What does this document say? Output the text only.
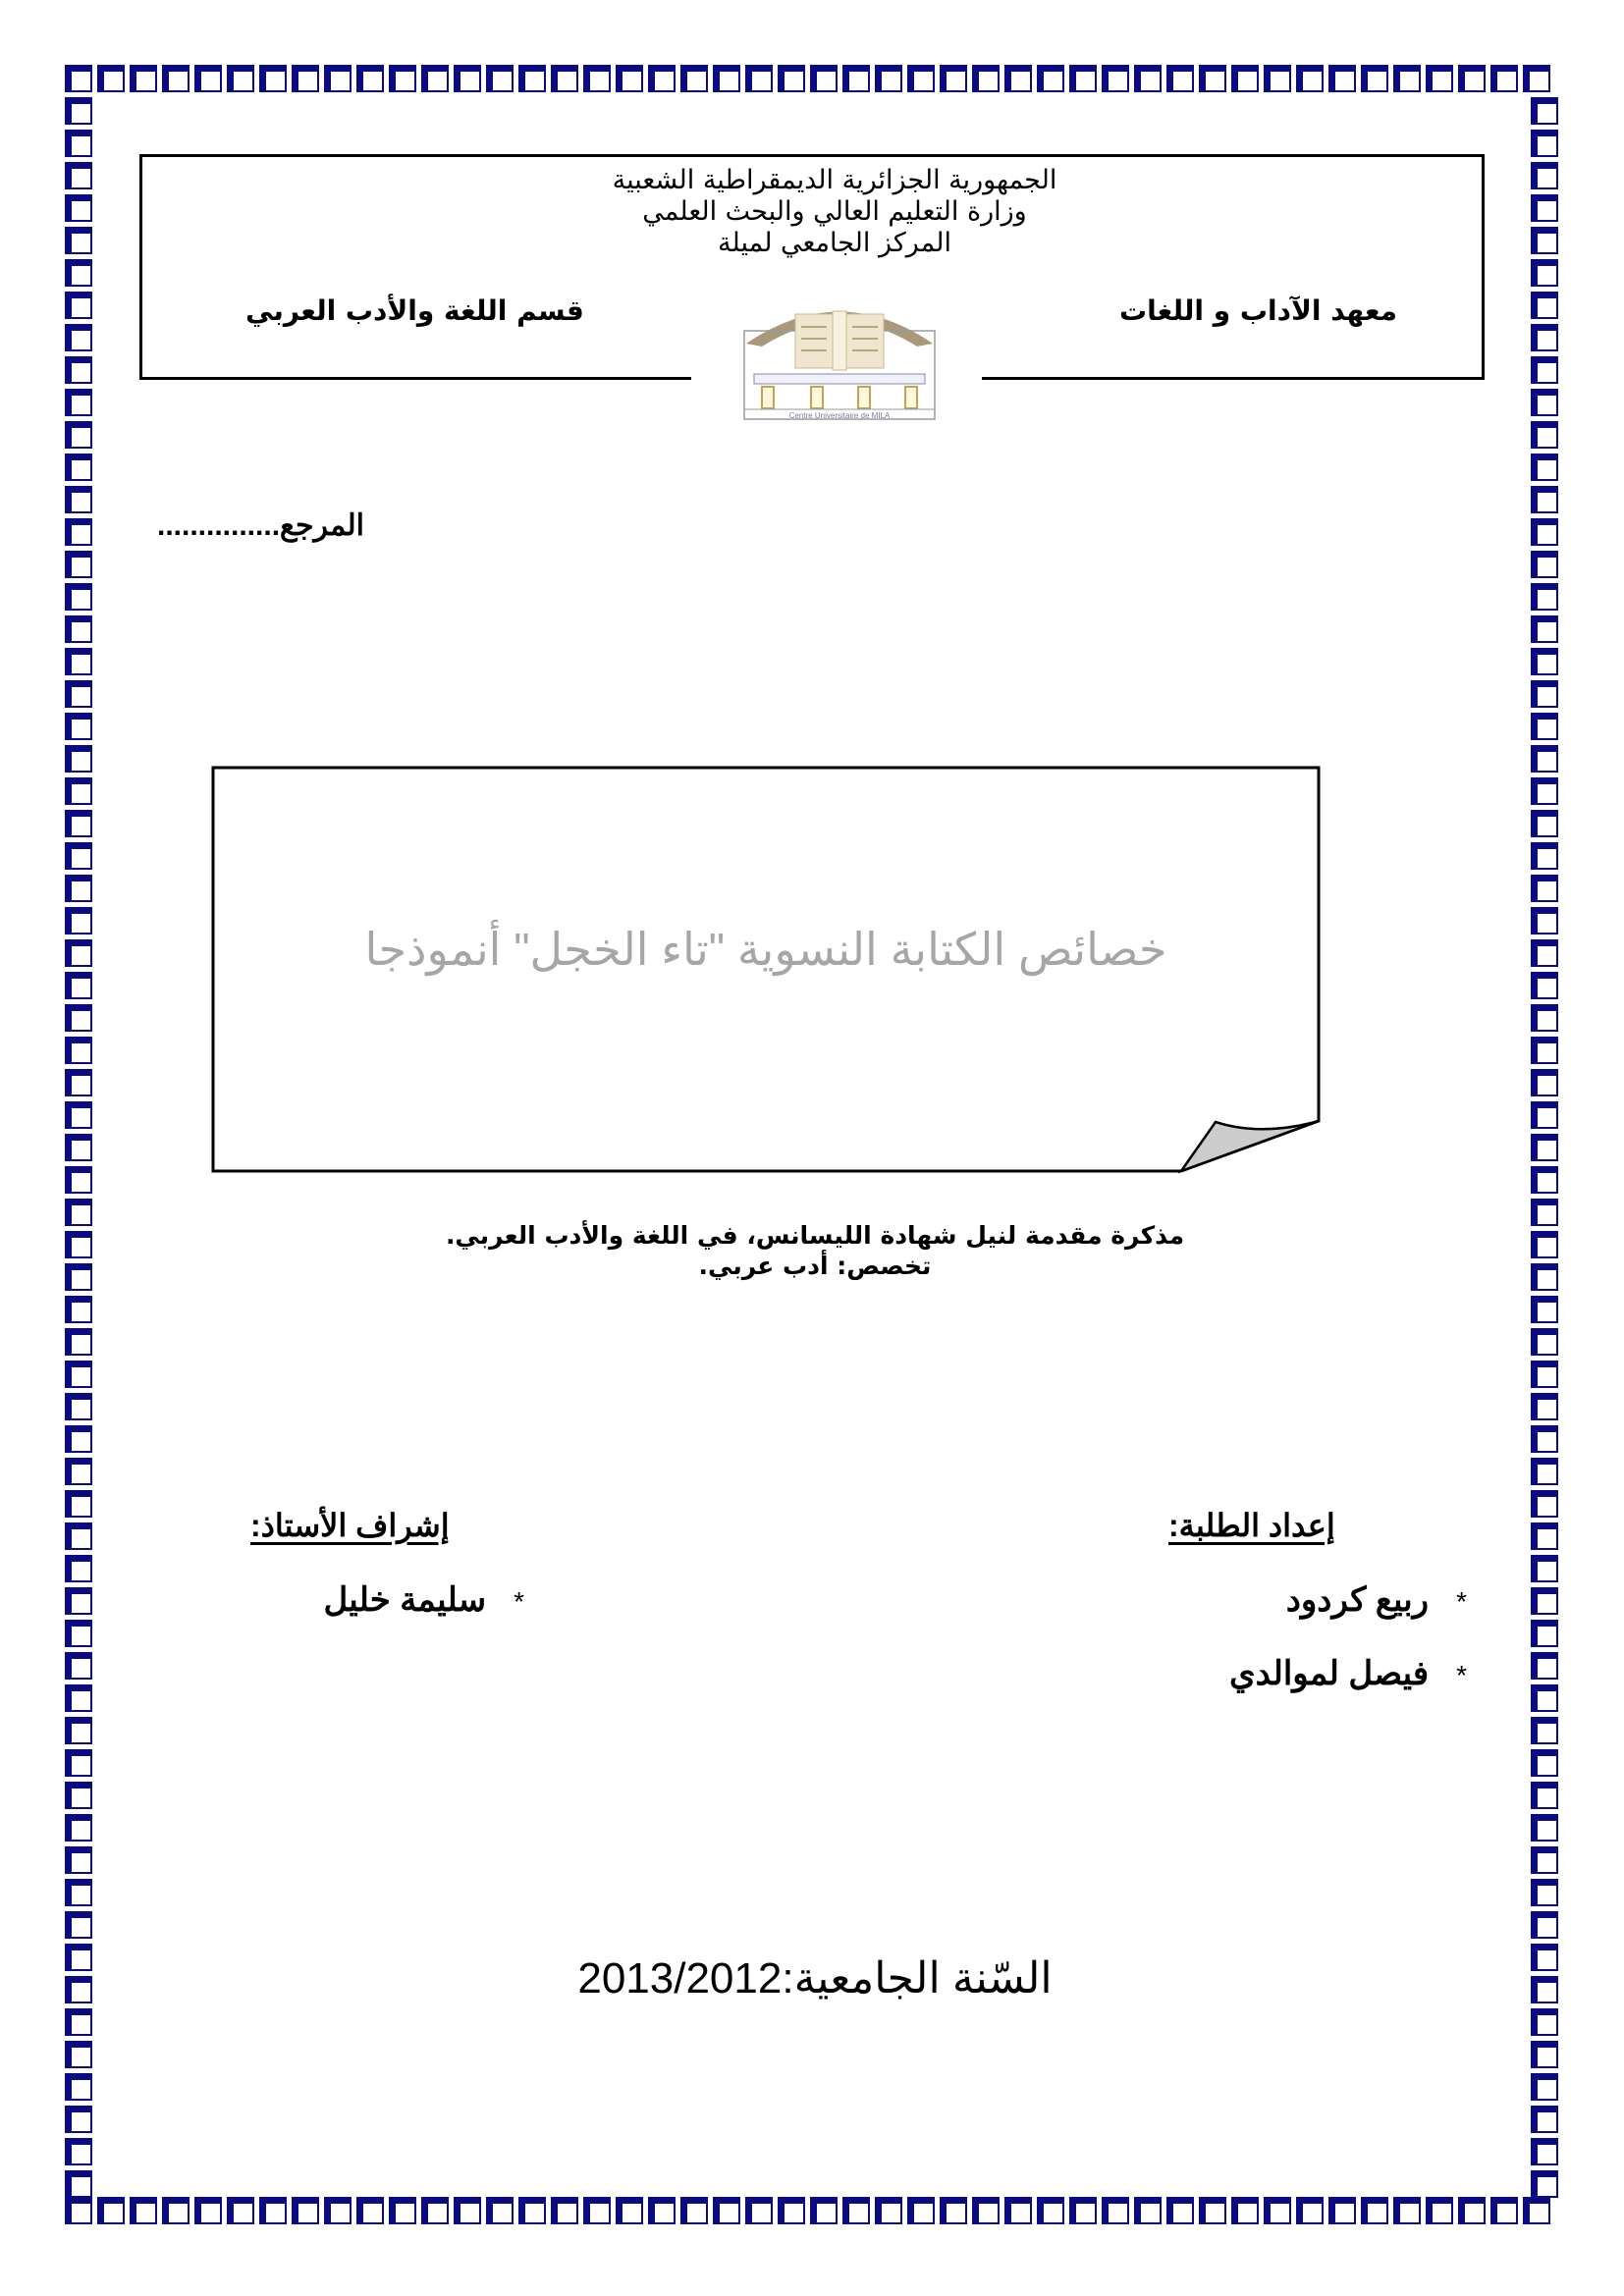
الجمهورية الجزائرية الديمقراطية الشعبية
وزارة التعليم العالي والبحث العلمي
المركز الجامعي لميلة
معهد الآداب و اللغات
قسم اللغة والأدب العربي
Centre Universitaire de MILA
المرجع...............
خصائص الكتابة النسوية "تاء الخجل" أنموذجا
مذكرة مقدمة لنيل شهادة الليسانس، في اللغة والأدب العربي.
تخصص: أدب عربي.
إعداد الطلبة:
*ربيع كردود
*فيصل لموالدي
إشراف الأستاذ:
*سليمة خليل
السّنة الجامعية:2013/2012
